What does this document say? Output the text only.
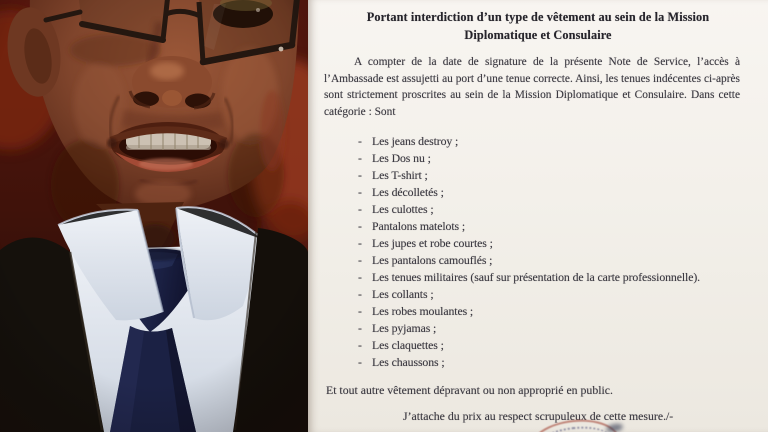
Portant interdiction d’un type de vêtement au sein de la Mission
Diplomatique et Consulaire

A compter de la date de signature de la présente Note de Service, l’accès à l’Ambassade est assujetti au port d’une tenue correcte. Ainsi, les tenues indécentes ci-après sont strictement proscrites au sein de la Mission Diplomatique et Consulaire. Dans cette catégorie : Sont

- Les jeans destroy ;
- Les Dos nu ;
- Les T-shirt ;
- Les décolletés ;
- Les culottes ;
- Pantalons matelots ;
- Les jupes et robe courtes ;
- Les pantalons camouflés ;
- Les tenues militaires (sauf sur présentation de la carte professionnelle).
- Les collants ;
- Les robes moulantes ;
- Les pyjamas ;
- Les claquettes ;
- Les chaussons ;

Et tout autre vêtement dépravant ou non approprié en public.

J’attache du prix au respect scrupuleux de cette mesure./-
